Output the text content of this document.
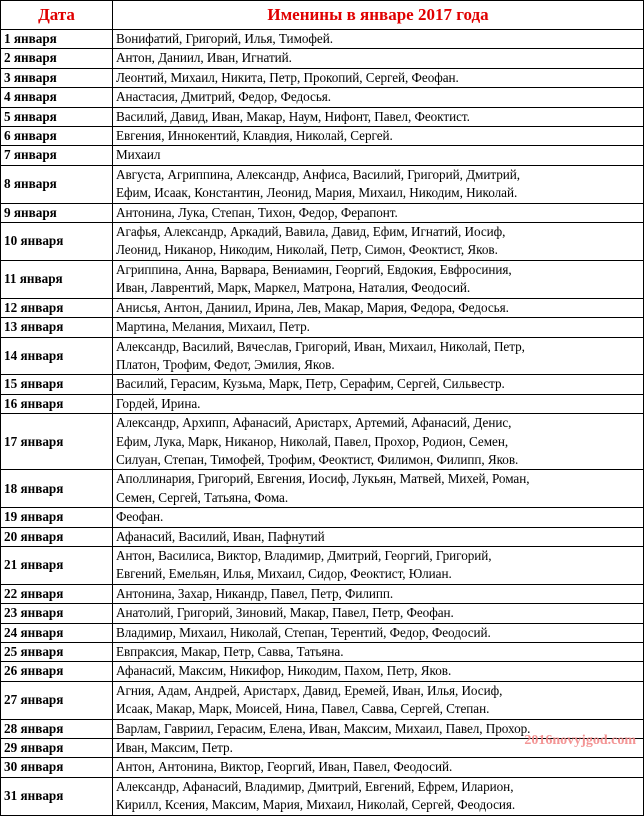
Дата	Именины в январе 2017 года
1 января	Вонифатий, Григорий, Илья, Тимофей.

2 января	Антон, Даниил, Иван, Игнатий.

3 января	Леонтий, Михаил, Никита, Петр, Прокопий, Сергей, Феофан.

4 января	Анастасия, Дмитрий, Федор, Федосья.

5 января	Василий, Давид, Иван, Макар, Наум, Нифонт, Павел, Феоктист.

6 января	Евгения, Иннокентий, Клавдия, Николай, Сергей.

7 января	Михаил

8 января	Августа, Агриппина, Александр, Анфиса, Василий, Григорий, Дмитрий,
Ефим, Исаак, Константин, Леонид, Мария, Михаил, Никодим, Николай.

9 января	Антонина, Лука, Степан, Тихон, Федор, Ферапонт.

10 января	Агафья, Александр, Аркадий, Вавила, Давид, Ефим, Игнатий, Иосиф,
Леонид, Никанор, Никодим, Николай, Петр, Симон, Феоктист, Яков.

11 января	Агриппина, Анна, Варвара, Вениамин, Георгий, Евдокия, Евфросиния,
Иван, Лаврентий, Марк, Маркел, Матрона, Наталия, Феодосий.

12 января	Анисья, Антон, Даниил, Ирина, Лев, Макар, Мария, Федора, Федосья.

13 января	Мартина, Мелания, Михаил, Петр.

14 января	Александр, Василий, Вячеслав, Григорий, Иван, Михаил, Николай, Петр,
Платон, Трофим, Федот, Эмилия, Яков.

15 января	Василий, Герасим, Кузьма, Марк, Петр, Серафим, Сергей, Сильвестр.

16 января	Гордей, Ирина.

17 января	Александр, Архипп, Афанасий, Аристарх, Артемий, Афанасий, Денис,
Ефим, Лука, Марк, Никанор, Николай, Павел, Прохор, Родион, Семен,
Силуан, Степан, Тимофей, Трофим, Феоктист, Филимон, Филипп, Яков.

18 января	Аполлинария, Григорий, Евгения, Иосиф, Лукьян, Матвей, Михей, Роман,
Семен, Сергей, Татьяна, Фома.

19 января	Феофан.

20 января	Афанасий, Василий, Иван, Пафнутий

21 января	Антон, Василиса, Виктор, Владимир, Дмитрий, Георгий, Григорий,
Евгений, Емельян, Илья, Михаил, Сидор, Феоктист, Юлиан.

22 января	Антонина, Захар, Никандр, Павел, Петр, Филипп.

23 января	Анатолий, Григорий, Зиновий, Макар, Павел, Петр, Феофан.

24 января	Владимир, Михаил, Николай, Степан, Терентий, Федор, Феодосий.

25 января	Евпраксия, Макар, Петр, Савва, Татьяна.

26 января	Афанасий, Максим, Никифор, Никодим, Пахом, Петр, Яков.

27 января	Агния, Адам, Андрей, Аристарх, Давид, Еремей, Иван, Илья, Иосиф,
Исаак, Макар, Марк, Моисей, Нина, Павел, Савва, Сергей, Степан.

28 января	Варлам, Гавриил, Герасим, Елена, Иван, Максим, Михаил, Павел, Прохор.

29 января	Иван, Максим, Петр.

30 января	Антон, Антонина, Виктор, Георгий, Иван, Павел, Феодосий.

31 января	Александр, Афанасий, Владимир, Дмитрий, Евгений, Ефрем, Иларион,
Кирилл, Ксения, Максим, Мария, Михаил, Николай, Сергей, Феодосия.
2016novyjgod.com
